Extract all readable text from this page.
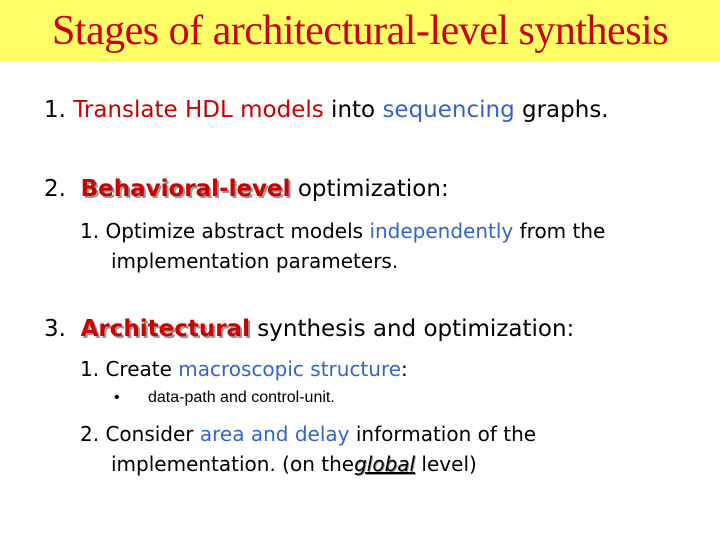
Stages of architectural-level synthesis
1. Translate HDL models into sequencing graphs.
2. Behavioral-level optimization:
1. Optimize abstract models independently from the
implementation parameters.
3. Architectural synthesis and optimization:
1. Create macroscopic structure:
• data-path and control-unit.
2. Consider area and delay information of the
implementation. (on theglobal level)
